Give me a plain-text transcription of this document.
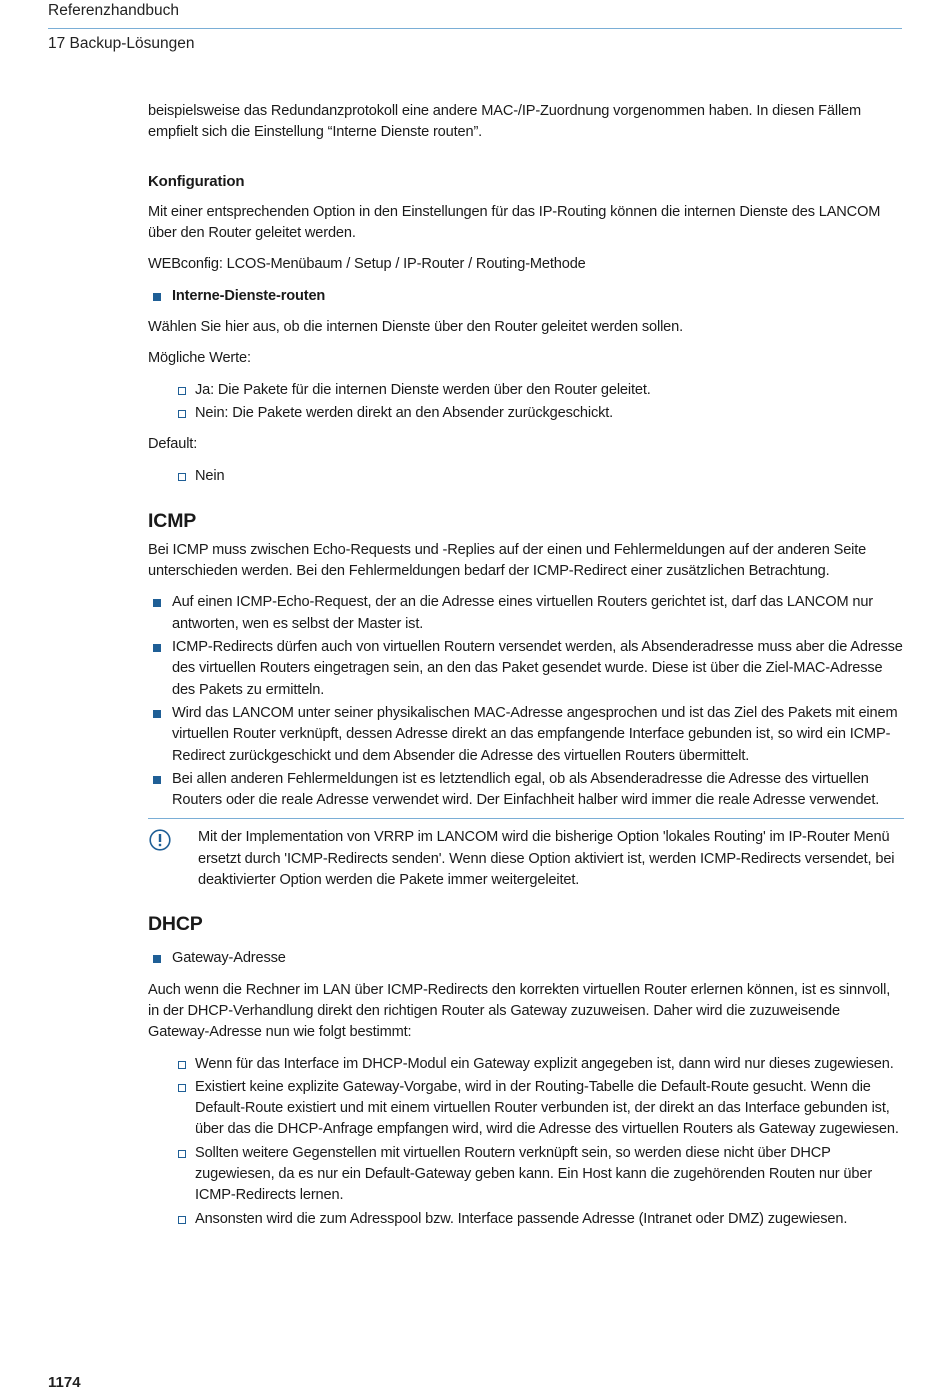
Referenzhandbuch
17 Backup-Lösungen

beispielsweise das Redundanzprotokoll eine andere MAC-/IP-Zuordnung vorgenommen haben. In diesen Fällem empfielt sich die Einstellung “Interne Dienste routen”.

Konfiguration

Mit einer entsprechenden Option in den Einstellungen für das IP-Routing können die internen Dienste des LANCOM über den Router geleitet werden.

WEBconfig: LCOS-Menübaum / Setup / IP-Router / Routing-Methode

Interne-Dienste-routen

Wählen Sie hier aus, ob die internen Dienste über den Router geleitet werden sollen.

Mögliche Werte:

Ja: Die Pakete für die internen Dienste werden über den Router geleitet.
Nein: Die Pakete werden direkt an den Absender zurückgeschickt.

Default:

Nein

ICMP

Bei ICMP muss zwischen Echo-Requests und -Replies auf der einen und Fehlermeldungen auf der anderen Seite unterschieden werden. Bei den Fehlermeldungen bedarf der ICMP-Redirect einer zusätzlichen Betrachtung.

Auf einen ICMP-Echo-Request, der an die Adresse eines virtuellen Routers gerichtet ist, darf das LANCOM nur antworten, wen es selbst der Master ist.
ICMP-Redirects dürfen auch von virtuellen Routern versendet werden, als Absenderadresse muss aber die Adresse des virtuellen Routers eingetragen sein, an den das Paket gesendet wurde. Diese ist über die Ziel-MAC-Adresse des Pakets zu ermitteln.
Wird das LANCOM unter seiner physikalischen MAC-Adresse angesprochen und ist das Ziel des Pakets mit einem virtuellen Router verknüpft, dessen Adresse direkt an das empfangende Interface gebunden ist, so wird ein ICMP-Redirect zurückgeschickt und dem Absender die Adresse des virtuellen Routers übermittelt.
Bei allen anderen Fehlermeldungen ist es letztendlich egal, ob als Absenderadresse die Adresse des virtuellen Routers oder die reale Adresse verwendet wird. Der Einfachheit halber wird immer die reale Adresse verwendet.

Mit der Implementation von VRRP im LANCOM wird die bisherige Option 'lokales Routing' im IP-Router Menü ersetzt durch 'ICMP-Redirects senden'. Wenn diese Option aktiviert ist, werden ICMP-Redirects versendet, bei deaktivierter Option werden die Pakete immer weitergeleitet.

DHCP

Gateway-Adresse

Auch wenn die Rechner im LAN über ICMP-Redirects den korrekten virtuellen Router erlernen können, ist es sinnvoll, in der DHCP-Verhandlung direkt den richtigen Router als Gateway zuzuweisen. Daher wird die zuzuweisende Gateway-Adresse nun wie folgt bestimmt:

Wenn für das Interface im DHCP-Modul ein Gateway explizit angegeben ist, dann wird nur dieses zugewiesen.
Existiert keine explizite Gateway-Vorgabe, wird in der Routing-Tabelle die Default-Route gesucht. Wenn die Default-Route existiert und mit einem virtuellen Router verbunden ist, der direkt an das Interface gebunden ist, über das die DHCP-Anfrage empfangen wird, wird die Adresse des virtuellen Routers als Gateway zugewiesen.
Sollten weitere Gegenstellen mit virtuellen Routern verknüpft sein, so werden diese nicht über DHCP zugewiesen, da es nur ein Default-Gateway geben kann. Ein Host kann die zugehörenden Routen nur über ICMP-Redirects lernen.
Ansonsten wird die zum Adresspool bzw. Interface passende Adresse (Intranet oder DMZ) zugewiesen.
1174
